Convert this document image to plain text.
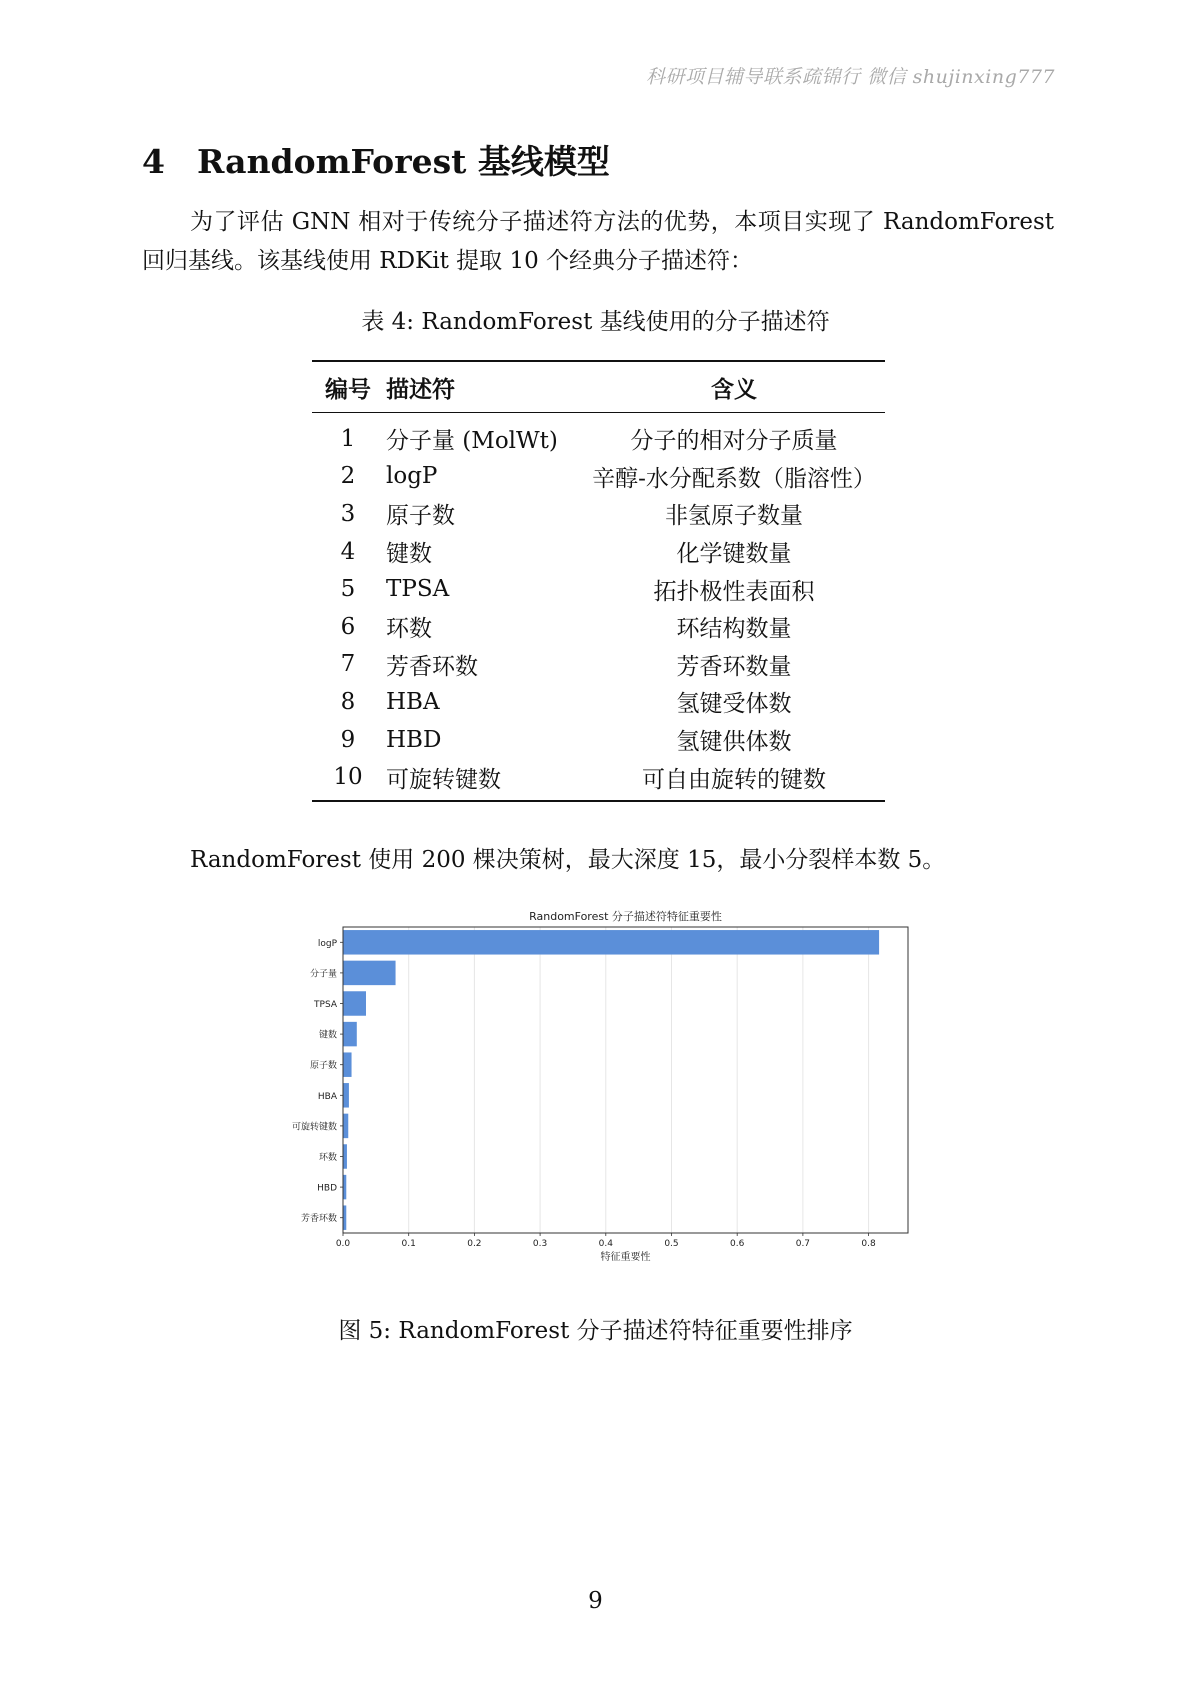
科研项目辅导联系疏锦行 微信 shujinxing777
4 RandomForest 基线模型
为了评估 GNN 相对于传统分子描述符方法的优势，本项目实现了 RandomForest 回归基线。该基线使用 RDKit 提取 10 个经典分子描述符：
表 4: RandomForest 基线使用的分子描述符
编号 描述符	含义
1	分子量 (MolWt)	分子的相对分子质量
2	logP	辛醇-水分配系数（脂溶性）
3	原子数	非氢原子数量
4	键数	化学键数量
5	TPSA	拓扑极性表面积
6	环数	环结构数量
7	芳香环数	芳香环数量
8	HBA	氢键受体数
9	HBD	氢键供体数
10	可旋转键数	可自由旋转的键数
RandomForest 使用 200 棵决策树，最大深度 15，最小分裂样本数 5。
logP
分子量
TPSA
键数
原子数
HBA
可旋转键数
环数
HBD
芳香环数
0.0	0.1	0.2	0.3	0.4	0.5	0.6	0.7	0.8
RandomForest 分子描述符特征重要性
特征重要性
图 5: RandomForest 分子描述符特征重要性排序
9
